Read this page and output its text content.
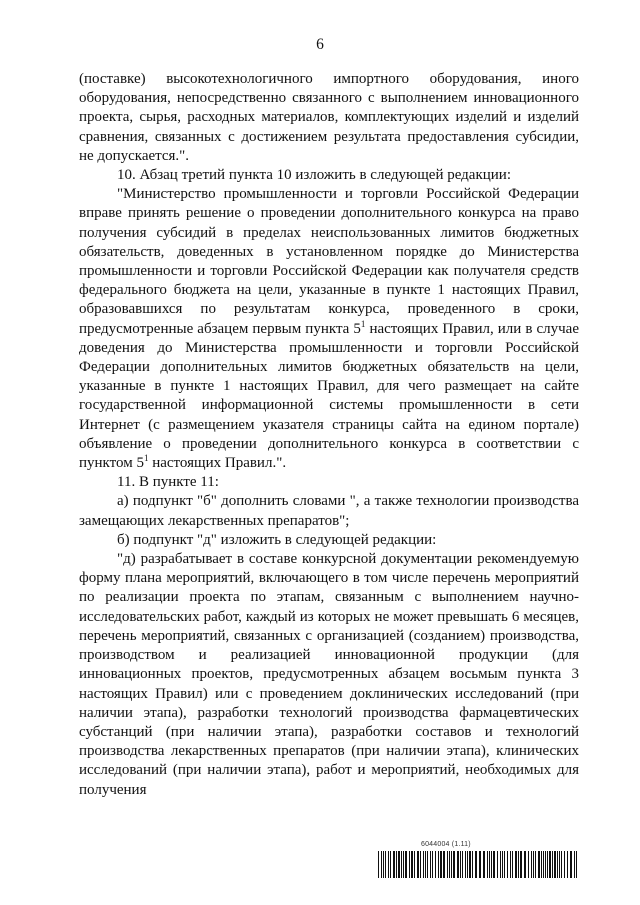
6

(поставке) высокотехнологичного импортного оборудования, иного оборудования, непосредственно связанного с выполнением инновационного проекта, сырья, расходных материалов, комплектующих изделий и изделий сравнения, связанных с достижением результата предоставления субсидии, не допускается.".

10. Абзац третий пункта 10 изложить в следующей редакции:

"Министерство промышленности и торговли Российской Федерации вправе принять решение о проведении дополнительного конкурса на право получения субсидий в пределах неиспользованных лимитов бюджетных обязательств, доведенных в установленном порядке до Министерства промышленности и торговли Российской Федерации как получателя средств федерального бюджета на цели, указанные в пункте 1 настоящих Правил, образовавшихся по результатам конкурса, проведенного в сроки, предусмотренные абзацем первым пункта $5^1$ настоящих Правил, или в случае доведения до Министерства промышленности и торговли Российской Федерации дополнительных лимитов бюджетных обязательств на цели, указанные в пункте 1 настоящих Правил, для чего размещает на сайте государственной информационной системы промышленности в сети Интернет (с размещением указателя страницы сайта на едином портале) объявление о проведении дополнительного конкурса в соответствии с пунктом $5^1$ настоящих Правил.".

11. В пункте 11:

а) подпункт "б" дополнить словами ", а также технологии производства замещающих лекарственных препаратов";

б) подпункт "д" изложить в следующей редакции:

"д) разрабатывает в составе конкурсной документации рекомендуемую форму плана мероприятий, включающего в том числе перечень мероприятий по реализации проекта по этапам, связанным с выполнением научно-исследовательских работ, каждый из которых не может превышать 6 месяцев, перечень мероприятий, связанных с организацией (созданием) производства, производством и реализацией инновационной продукции (для инновационных проектов, предусмотренных абзацем восьмым пункта 3 настоящих Правил) или с проведением доклинических исследований (при наличии этапа), разработки технологий производства фармацевтических субстанций (при наличии этапа), разработки составов и технологий производства лекарственных препаратов (при наличии этапа), клинических исследований (при наличии этапа), работ и мероприятий, необходимых для получения

6044004 (1.11)
